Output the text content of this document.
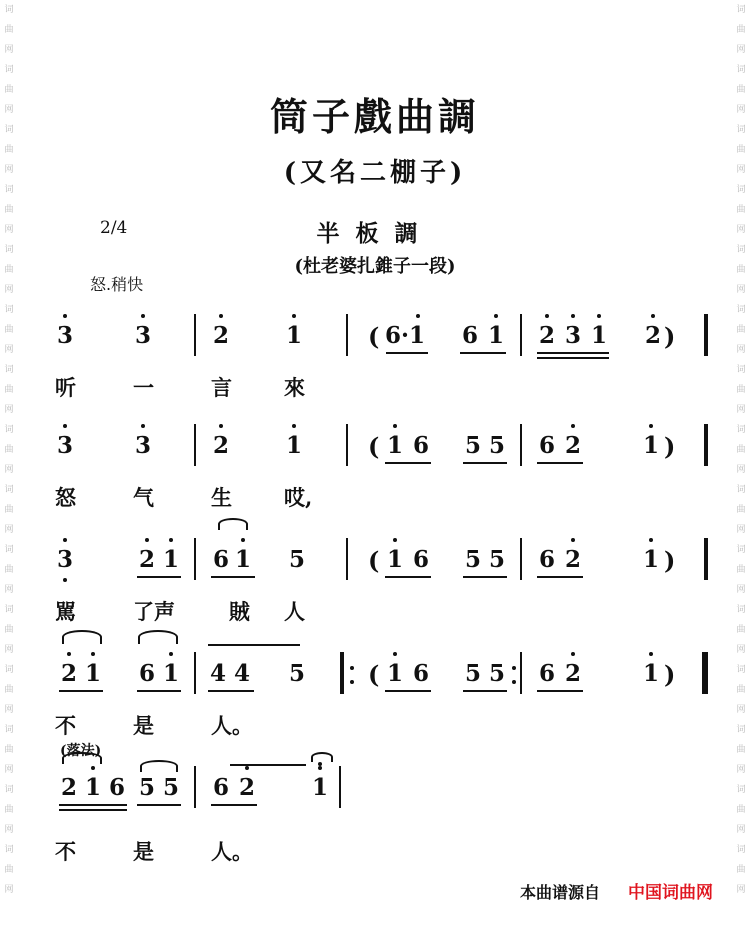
词
曲
网
词
曲
网
词
曲
网
词
曲
网
词
曲
网
词
曲
网
词
曲
网
词
曲
网
词
曲
网
词
曲
网
词
曲
网
词
曲
网
词
曲
网
词
曲
网
词
曲
网
词
曲
网
词
曲
网
词
曲
网
词
曲
网
词
曲
网
词
曲
网
词
曲
网
词
曲
网
词
曲
网
词
曲
网
词
曲
网
词
曲
网
词
曲
网
词
曲
网
词
曲
网
筒子戲曲調
(又名二棚子)
2/4	半板調
(杜老婆扎錐子一段)
怒.稍快
3	3	2 1	( 6·1 6 1 2 3 1 2 )
听	一	言 來
3	3	2 1	( 1 6 5 5 6 2	1 )
怒	气	生 哎,
3	2 1 6 1 5	( 1 6 5 5 6 2	1 )
駡	了声	賊 人
2 1 6 1 4 4 5	( 1 6 5 5 6 2	1 )
不	是	人。
(落法)
2 1 6 5 5 6 2 1
不	是	人。
本曲谱源自 中国词曲网
